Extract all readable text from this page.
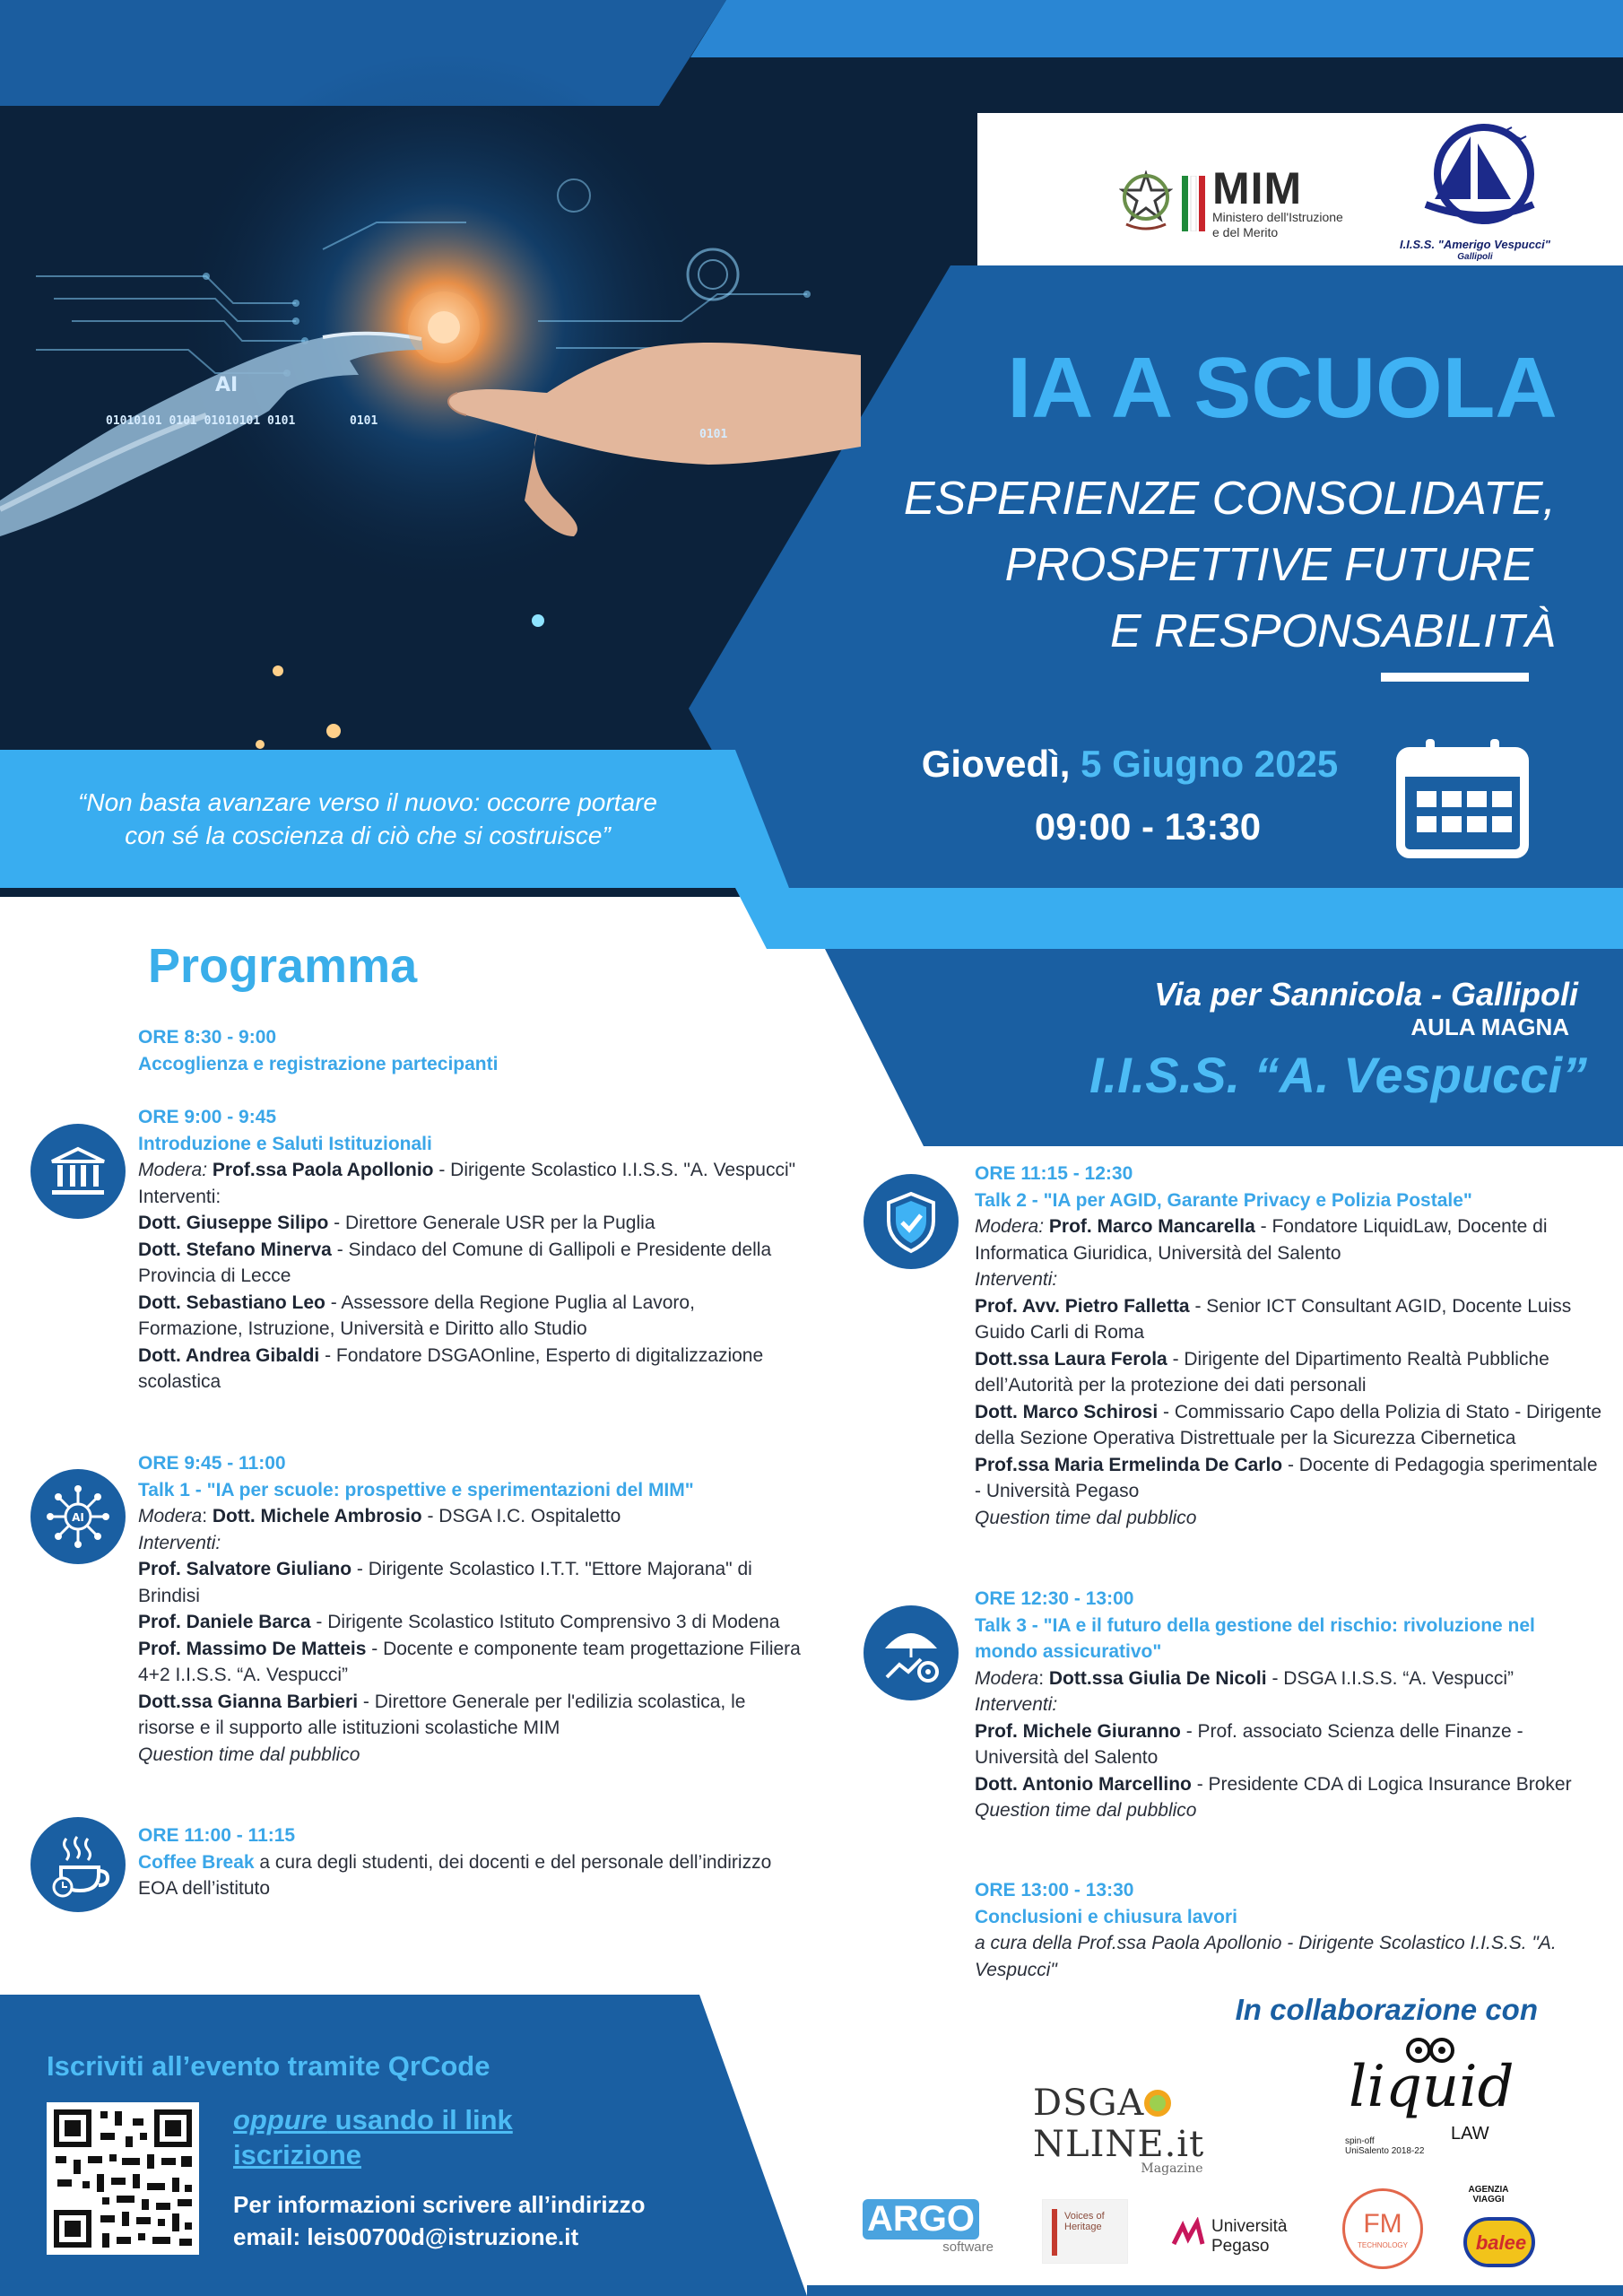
AI
01010101 0101 01010101 0101	0101
0101
MIM
Ministero dell'Istruzione
e del Merito
I.I.S.S. "Amerigo Vespucci"
Gallipoli
IA A SCUOLA
ESPERIENZE CONSOLIDATE,
PROSPETTIVE FUTURE
E RESPONSABILITÀ
Giovedì, 5 Giugno 2025
09:00 - 13:30
“Non basta avanzare verso il nuovo: occorre portare
con sé la coscienza di ciò che si costruisce”
Via per Sannicola - Gallipoli
AULA MAGNA
I.I.S.S. “A. Vespucci”
Programma
ORE 8:30 - 9:00
Accoglienza e registrazione partecipanti
ORE 9:00 - 9:45
Introduzione e Saluti Istituzionali
Modera: Prof.ssa Paola Apollonio - Dirigente Scolastico I.I.S.S. "A. Vespucci"
Interventi:
Dott. Giuseppe Silipo - Direttore Generale USR per la Puglia
Dott. Stefano Minerva - Sindaco del Comune di Gallipoli e Presidente della Provincia di Lecce
Dott. Sebastiano Leo - Assessore della Regione Puglia al Lavoro, Formazione, Istruzione, Università e Diritto allo Studio
Dott. Andrea Gibaldi - Fondatore DSGAOnline, Esperto di digitalizzazione scolastica
AI
ORE 9:45 - 11:00
Talk 1 - "IA per scuole: prospettive e sperimentazioni del MIM"
Modera: Dott. Michele Ambrosio - DSGA I.C. Ospitaletto
Interventi:
Prof. Salvatore Giuliano - Dirigente Scolastico I.T.T. "Ettore Majorana" di Brindisi
Prof. Daniele Barca - Dirigente Scolastico Istituto Comprensivo 3 di Modena
Prof. Massimo De Matteis - Docente e componente team progettazione Filiera 4+2 I.I.S.S. “A. Vespucci”
Dott.ssa Gianna Barbieri - Direttore Generale per l'edilizia scolastica, le risorse e il supporto alle istituzioni scolastiche MIM
Question time dal pubblico
ORE 11:00 - 11:15
Coffee Break a cura degli studenti, dei docenti e del personale dell’indirizzo EOA dell’istituto
ORE 11:15 - 12:30
Talk 2 - "IA per AGID, Garante Privacy e Polizia Postale"
Modera: Prof. Marco Mancarella - Fondatore LiquidLaw, Docente di Informatica Giuridica, Università del Salento
Interventi:
Prof. Avv. Pietro Falletta - Senior ICT Consultant AGID, Docente Luiss Guido Carli di Roma
Dott.ssa Laura Ferola - Dirigente del Dipartimento Realtà Pubbliche dell’Autorità per la protezione dei dati personali
Dott. Marco Schirosi - Commissario Capo della Polizia di Stato - Dirigente della Sezione Operativa Distrettuale per la Sicurezza Cibernetica
Prof.ssa Maria Ermelinda De Carlo - Docente di Pedagogia sperimentale - Università Pegaso
Question time dal pubblico
ORE 12:30 - 13:00
Talk 3 - "IA e il futuro della gestione del rischio: rivoluzione nel mondo assicurativo"
Modera: Dott.ssa Giulia De Nicoli - DSGA I.I.S.S. “A. Vespucci”
Interventi:
Prof. Michele Giuranno - Prof. associato Scienza delle Finanze - Università del Salento
Dott. Antonio Marcellino - Presidente CDA di Logica Insurance Broker
Question time dal pubblico
ORE 13:00 - 13:30
Conclusioni e chiusura lavori
a cura della Prof.ssa Paola Apollonio - Dirigente Scolastico I.I.S.S. "A. Vespucci"
Iscriviti all’evento tramite QrCode
oppure usando il link iscrizione
Per informazioni scrivere all’indirizzo
email: leis00700d@istruzione.it
In collaborazione con
DSGANLINE.it
Magazine
liquid
LAW
spin-off
UniSalento 2018-22
ARGO
software
Voices of Heritage	Università
Pegaso
FM
TECHNOLOGY
AGENZIA VIAGGI
balee
